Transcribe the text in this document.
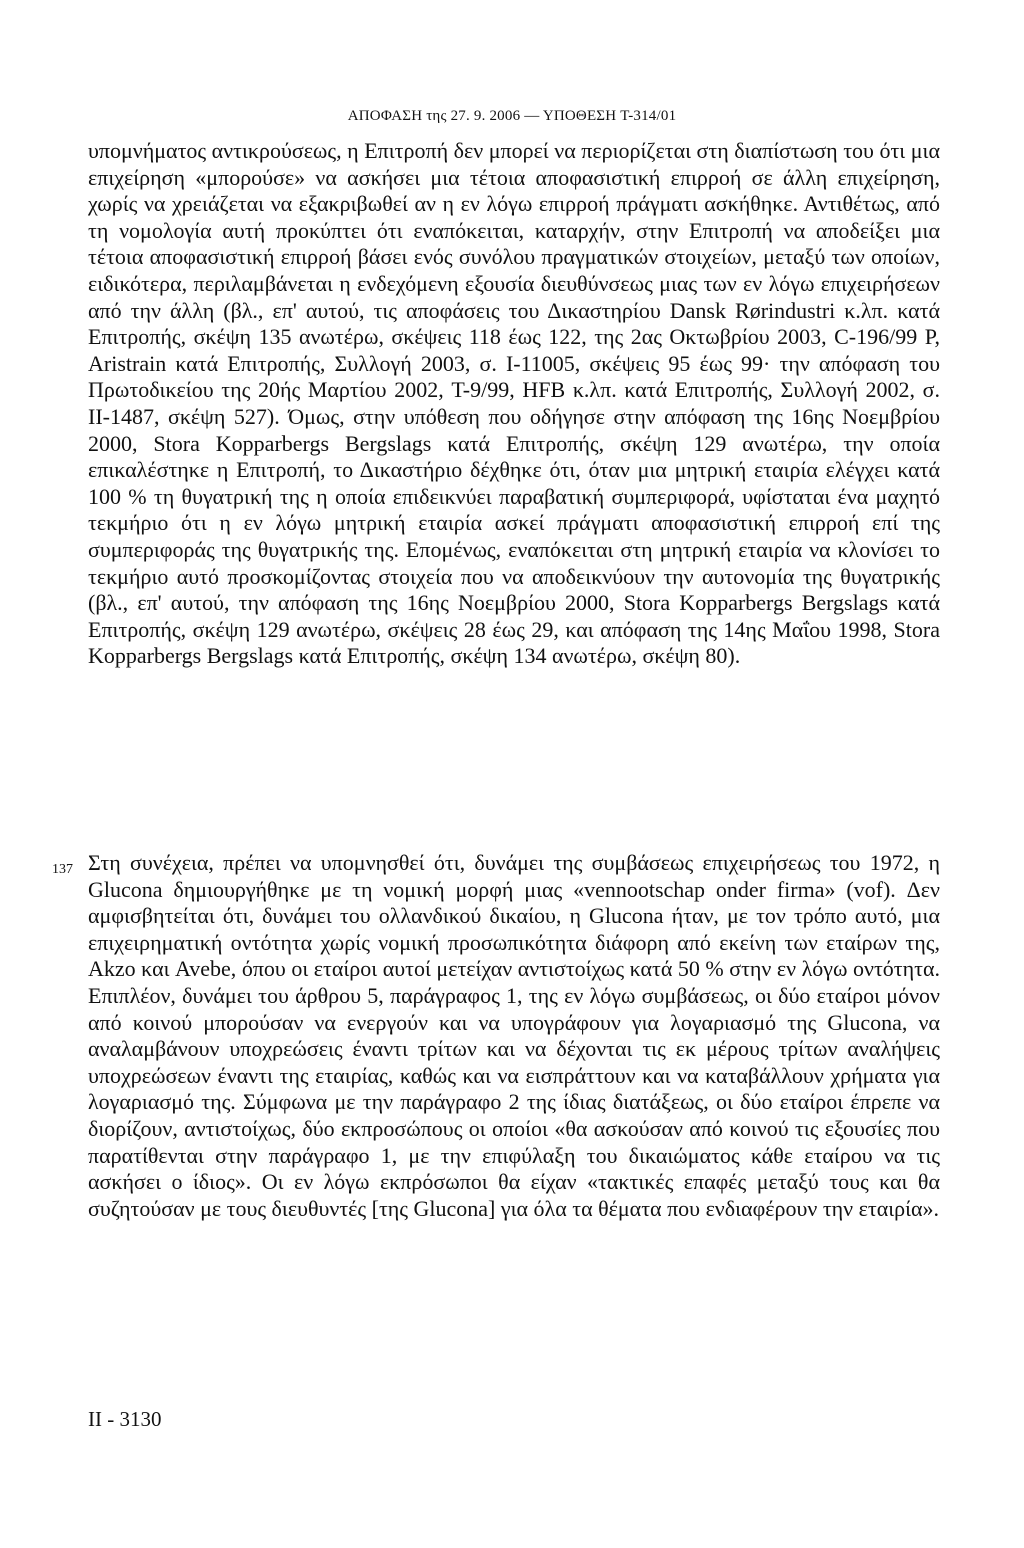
ΑΠΟΦΑΣΗ της 27. 9. 2006 — ΥΠΟΘΕΣΗ T-314/01

υπομνήματος αντικρούσεως, η Επιτροπή δεν μπορεί να περιορίζεται στη διαπίστωση του ότι μια επιχείρηση «μπορούσε» να ασκήσει μια τέτοια αποφασιστική επιρροή σε άλλη επιχείρηση, χωρίς να χρειάζεται να εξακριβωθεί αν η εν λόγω επιρροή πράγματι ασκήθηκε. Αντιθέτως, από τη νομολογία αυτή προκύπτει ότι εναπόκειται, καταρχήν, στην Επιτροπή να αποδείξει μια τέτοια αποφασιστική επιρροή βάσει ενός συνόλου πραγματικών στοιχείων, μεταξύ των οποίων, ειδικότερα, περιλαμβάνεται η ενδεχόμενη εξουσία διευθύνσεως μιας των εν λόγω επιχειρήσεων από την άλλη (βλ., επ' αυτού, τις αποφάσεις του Δικαστηρίου Dansk Rørindustri κ.λπ. κατά Επιτροπής, σκέψη 135 ανωτέρω, σκέψεις 118 έως 122, της 2ας Οκτωβρίου 2003, C-196/99 P, Aristrain κατά Επιτροπής, Συλλογή 2003, σ. I-11005, σκέψεις 95 έως 99· την απόφαση του Πρωτοδικείου της 20ής Μαρτίου 2002, T-9/99, HFB κ.λπ. κατά Επιτροπής, Συλλογή 2002, σ. II-1487, σκέψη 527). Όμως, στην υπόθεση που οδήγησε στην απόφαση της 16ης Νοεμβρίου 2000, Stora Kopparbergs Bergslags κατά Επιτροπής, σκέψη 129 ανωτέρω, την οποία επικαλέστηκε η Επιτροπή, το Δικαστήριο δέχθηκε ότι, όταν μια μητρική εταιρία ελέγχει κατά 100 % τη θυγατρική της η οποία επιδεικνύει παραβατική συμπεριφορά, υφίσταται ένα μαχητό τεκμήριο ότι η εν λόγω μητρική εταιρία ασκεί πράγματι αποφασιστική επιρροή επί της συμπεριφοράς της θυγατρικής της. Επομένως, εναπόκειται στη μητρική εταιρία να κλονίσει το τεκμήριο αυτό προσκομίζοντας στοιχεία που να αποδεικνύουν την αυτονομία της θυγατρικής (βλ., επ' αυτού, την απόφαση της 16ης Νοεμβρίου 2000, Stora Kopparbergs Bergslags κατά Επιτροπής, σκέψη 129 ανωτέρω, σκέψεις 28 έως 29, και απόφαση της 14ης Μαΐου 1998, Stora Kopparbergs Bergslags κατά Επιτροπής, σκέψη 134 ανωτέρω, σκέψη 80).

137 Στη συνέχεια, πρέπει να υπομνησθεί ότι, δυνάμει της συμβάσεως επιχειρήσεως του 1972, η Glucona δημιουργήθηκε με τη νομική μορφή μιας «vennootschap onder firma» (vof). Δεν αμφισβητείται ότι, δυνάμει του ολλανδικού δικαίου, η Glucona ήταν, με τον τρόπο αυτό, μια επιχειρηματική οντότητα χωρίς νομική προσωπικότητα διάφορη από εκείνη των εταίρων της, Akzo και Avebe, όπου οι εταίροι αυτοί μετείχαν αντιστοίχως κατά 50 % στην εν λόγω οντότητα. Επιπλέον, δυνάμει του άρθρου 5, παράγραφος 1, της εν λόγω συμβάσεως, οι δύο εταίροι μόνον από κοινού μπορούσαν να ενεργούν και να υπογράφουν για λογαριασμό της Glucona, να αναλαμβάνουν υποχρεώσεις έναντι τρίτων και να δέχονται τις εκ μέρους τρίτων αναλήψεις υποχρεώσεων έναντι της εταιρίας, καθώς και να εισπράττουν και να καταβάλλουν χρήματα για λογαριασμό της. Σύμφωνα με την παράγραφο 2 της ίδιας διατάξεως, οι δύο εταίροι έπρεπε να διορίζουν, αντιστοίχως, δύο εκπροσώπους οι οποίοι «θα ασκούσαν από κοινού τις εξουσίες που παρατίθενται στην παράγραφο 1, με την επιφύλαξη του δικαιώματος κάθε εταίρου να τις ασκήσει ο ίδιος». Οι εν λόγω εκπρόσωποι θα είχαν «τακτικές επαφές μεταξύ τους και θα συζητούσαν με τους διευθυντές [της Glucona] για όλα τα θέματα που ενδιαφέρουν την εταιρία».

II - 3130
